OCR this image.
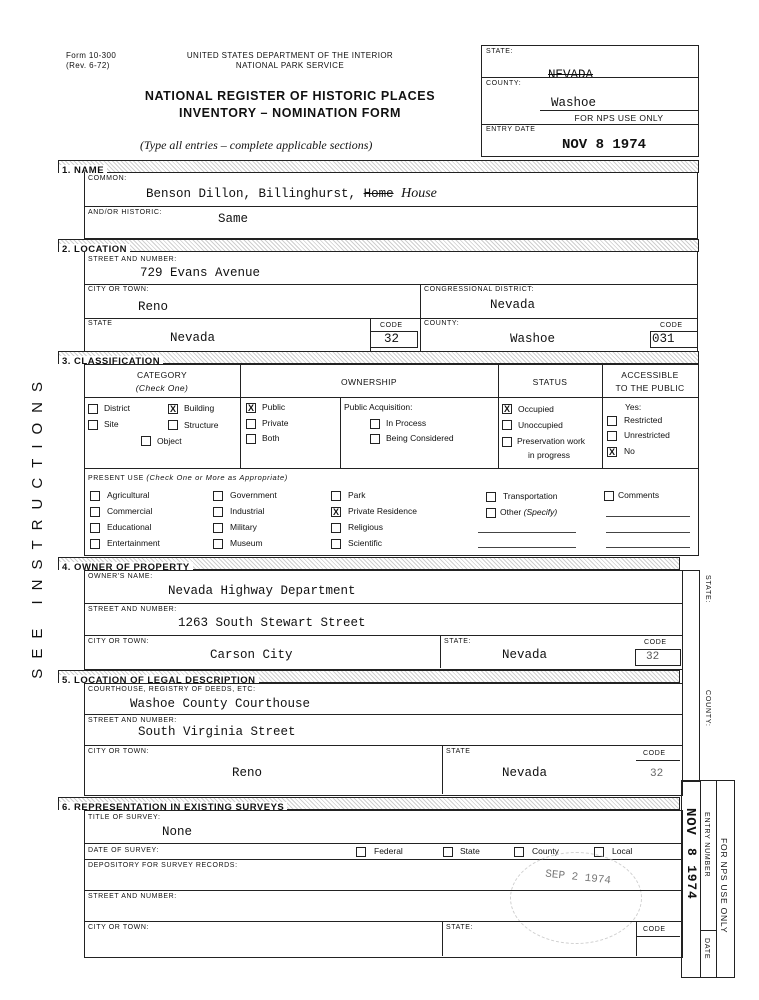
Form 10-300
(Rev. 6-72)
UNITED STATES DEPARTMENT OF THE INTERIOR
NATIONAL PARK SERVICE
NATIONAL REGISTER OF HISTORIC PLACES
INVENTORY – NOMINATION FORM
(Type all entries – complete applicable sections)
STATE:
NEVADA
COUNTY:
Washoe
FOR NPS USE ONLY
ENTRY DATE
NOV 8 1974
SEE INSTRUCTIONS
1. NAME
COMMON:
Benson Dillon, Billinghurst, Home House
AND/OR HISTORIC:	Same
2. LOCATION
STREET AND NUMBER:
729 Evans Avenue
CITY OR TOWN:
Reno
CONGRESSIONAL DISTRICT:
Nevada
STATE
Nevada
CODE
32
COUNTY:
Washoe
CODE
031
3. CLASSIFICATION
CATEGORY
(Check One)
OWNERSHIP	STATUS
ACCESSIBLE
TO THE PUBLIC
District	X Building
Site	Structure
Object
X Public
Private
Both
Public Acquisition:
In Process
Being Considered
X Occupied
Unoccupied
Preservation work
in progress
Yes:
Restricted
Unrestricted
X No
PRESENT USE (Check One or More as Appropriate)
Agricultural
Commercial
Educational
Entertainment
Government
Industrial
Military
Museum
Park
X Private Residence
Religious
Scientific
Transportation
Other (Specify)
Comments
4. OWNER OF PROPERTY
OWNER'S NAME:
Nevada Highway Department
STREET AND NUMBER:
1263 South Stewart Street
CITY OR TOWN:
Carson City
STATE:
Nevada
CODE
32
STATE:
COUNTY:
5. LOCATION OF LEGAL DESCRIPTION
COURTHOUSE, REGISTRY OF DEEDS, ETC:
Washoe County Courthouse
STREET AND NUMBER:
South Virginia Street
CITY OR TOWN:
Reno
STATE
Nevada
CODE
32
6. REPRESENTATION IN EXISTING SURVEYS
TITLE OF SURVEY:
None
DATE OF SURVEY:	Federal	State	County	Local
DEPOSITORY FOR SURVEY RECORDS:
SEP 2 1974
STREET AND NUMBER:
CITY OR TOWN:	STATE:	CODE
NOV
8 1974 ENTRY NUMBER
DATE
FOR NPS USE ONLY
